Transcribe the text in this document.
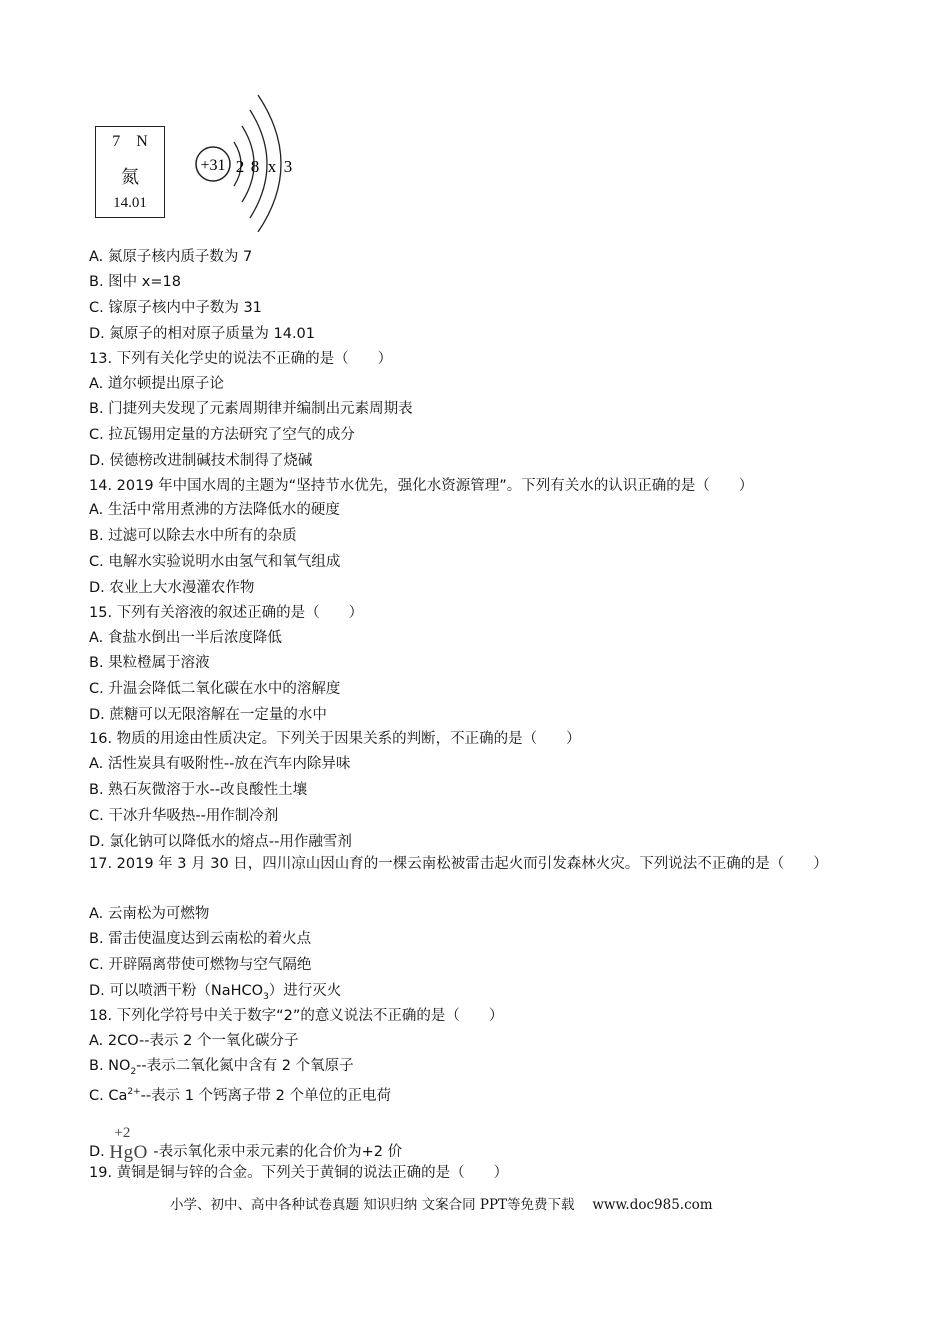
7 N
氮
14.01
+31 2 8 x 3
A. 氮原子核内质子数为 7
B. 图中 x=18
C. 镓原子核内中子数为 31
D. 氮原子的相对原子质量为 14.01
13. 下列有关化学史的说法不正确的是（　　）
A. 道尔顿提出原子论
B. 门捷列夫发现了元素周期律并编制出元素周期表
C. 拉瓦锡用定量的方法研究了空气的成分
D. 侯德榜改进制碱技术制得了烧碱
14. 2019 年中国水周的主题为“坚持节水优先，强化水资源管理”。下列有关水的认识正确的是（　　）
A. 生活中常用煮沸的方法降低水的硬度
B. 过滤可以除去水中所有的杂质
C. 电解水实验说明水由氢气和氧气组成
D. 农业上大水漫灌农作物
15. 下列有关溶液的叙述正确的是（　　）
A. 食盐水倒出一半后浓度降低
B. 果粒橙属于溶液
C. 升温会降低二氧化碳在水中的溶解度
D. 蔗糖可以无限溶解在一定量的水中
16. 物质的用途由性质决定。下列关于因果关系的判断，不正确的是（　　）
A. 活性炭具有吸附性--放在汽车内除异味
B. 熟石灰微溶于水--改良酸性土壤
C. 干冰升华吸热--用作制冷剂
D. 氯化钠可以降低水的熔点--用作融雪剂
17. 2019 年 3 月 30 日，四川凉山因山育的一棵云南松被雷击起火而引发森林火灾。下列说法不正确的是（　　）
A. 云南松为可燃物
B. 雷击使温度达到云南松的着火点
C. 开辟隔离带使可燃物与空气隔绝
D. 可以喷洒干粉（NaHCO$_3$）进行灭火
18. 下列化学符号中关于数字“2”的意义说法不正确的是（　　）
A. 2CO--表示 2 个一氧化碳分子
B. $NO_2--$表示二氧化氮中含有 2 个氧原子
C. $Ca^{2+}--$表示 1 个钙离子带 2 个单位的正电荷
D.
+2
HgO -表示氧化汞中汞元素的化合价为+2 价
19. 黄铜是铜与锌的合金。下列关于黄铜的说法正确的是（　　）
小学、初中、高中各种试卷真题 知识归纳 文案合同 PPT等免费下载　 www.doc985.com
